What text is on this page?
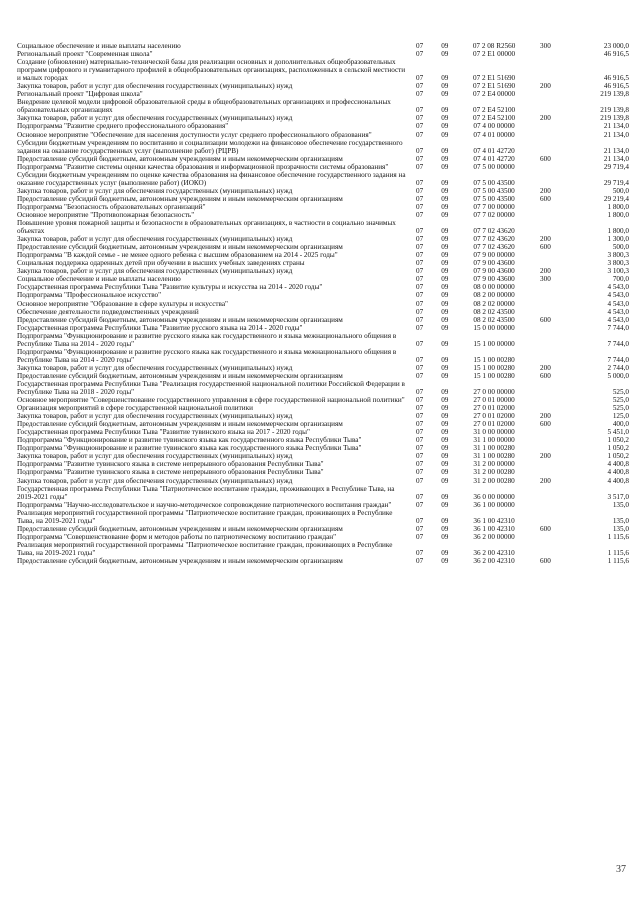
Социальное обеспечение и иные выплаты населению	07	09	07 2 08 R2560	300	23 000,0
Региональный проект "Современная школа"	07	09	07 2 E1 00000		46 916,5
Создание (обновление) материально-технической базы для реализации основных и дополнительных общеобразовательных программ цифрового и гуманитарного профилей в общеобразовательных организациях, расположенных в сельской местности и малых городах	07	09	07 2 E1 51690		46 916,5
Закупка товаров, работ и услуг для обеспечения государственных (муниципальных) нужд	07	09	07 2 E1 51690	200	46 916,5
Региональный проект "Цифровая школа"	07	09	07 2 E4 00000		219 139,8
Внедрение целевой модели цифровой образовательной среды в общеобразовательных организациях и профессиональных образовательных организациях	07	09	07 2 E4 52100		219 139,8
Закупка товаров, работ и услуг для обеспечения государственных (муниципальных) нужд	07	09	07 2 E4 52100	200	219 139,8
Подпрограмма "Развитие среднего профессионального образования"	07	09	07 4 00 00000		21 134,0
Основное мероприятие "Обеспечение для населения доступности услуг среднего профессионального образования"	07	09	07 4 01 00000		21 134,0
Субсидии бюджетным учреждениям по воспитанию и социализации молодежи на финансовое обеспечение государственного задания на оказание государственных услуг (выполнение работ) (РЦРВ)	07	09	07 4 01 42720		21 134,0
Предоставление субсидий бюджетным, автономным учреждениям и иным некоммерческим организациям	07	09	07 4 01 42720	600	21 134,0
Подпрограмма "Развитие системы оценки качества образования и информационной прозрачности системы образования"	07	09	07 5 00 00000		29 719,4
Субсидии бюджетным учреждениям по оценке качества образования на финансовое обеспечение государственного задания на оказание государственных услуг (выполнение работ) (ИОКО)	07	09	07 5 00 43500		29 719,4
Закупка товаров, работ и услуг для обеспечения государственных (муниципальных) нужд	07	09	07 5 00 43500	200	500,0
Предоставление субсидий бюджетным, автономным учреждениям и иным некоммерческим организациям	07	09	07 5 00 43500	600	29 219,4
Подпрограмма "Безопасность образовательных организаций"	07	09	07 7 00 00000		1 800,0
Основное мероприятие "Противопожарная безопасность"	07	09	07 7 02 00000		1 800,0
Повышение уровня пожарной защиты и безопасности в образовательных организациях, в частности в социально значимых объектах	07	09	07 7 02 43620		1 800,0
Закупка товаров, работ и услуг для обеспечения государственных (муниципальных) нужд	07	09	07 7 02 43620	200	1 300,0
Предоставление субсидий бюджетным, автономным учреждениям и иным некоммерческим организациям	07	09	07 7 02 43620	600	500,0
Подпрограмма "В каждой семье - не менее одного ребенка с высшим образованием на 2014 - 2025 годы"	07	09	07 9 00 00000		3 800,3
Социальная поддержка одаренных детей при обучении в высших учебных заведениях страны	07	09	07 9 00 43600		3 800,3
Закупка товаров, работ и услуг для обеспечения государственных (муниципальных) нужд	07	09	07 9 00 43600	200	3 100,3
Социальное обеспечение и иные выплаты населению	07	09	07 9 00 43600	300	700,0
Государственная программа Республики Тыва "Развитие культуры и искусства на 2014 - 2020 годы"	07	09	08 0 00 00000		4 543,0
Подпрограмма "Профессиональное искусство"	07	09	08 2 00 00000		4 543,0
Основное мероприятие "Образование в сфере культуры и искусства"	07	09	08 2 02 00000		4 543,0
Обеспечение деятельности подведомственных учреждений	07	09	08 2 02 43500		4 543,0
Предоставление субсидий бюджетным, автономным учреждениям и иным некоммерческим организациям	07	09	08 2 02 43500	600	4 543,0
Государственная программа Республики Тыва "Развитие русского языка на 2014 - 2020 годы"	07	09	15 0 00 00000		7 744,0
Подпрограмма "Функционирование и развитие русского языка как государственного и языка межнационального общения в Республике Тыва на 2014 - 2020 годы"	07	09	15 1 00 00000		7 744,0
Подпрограмма "Функционирование и развитие русского языка как государственного и языка межнационального общения в Республике Тыва на 2014 - 2020 годы"	07	09	15 1 00 00280		7 744,0
Закупка товаров, работ и услуг для обеспечения государственных (муниципальных) нужд	07	09	15 1 00 00280	200	2 744,0
Предоставление субсидий бюджетным, автономным учреждениям и иным некоммерческим организациям	07	09	15 1 00 00280	600	5 000,0
Государственная программа Республики Тыва "Реализация государственной национальной политики Российской Федерации в Республике Тыва на 2018 - 2020 годы"	07	09	27 0 00 00000		525,0
Основное мероприятие "Совершенствование государственного управления в сфере государственной национальной политики"	07	09	27 0 01 00000		525,0
Организация мероприятий в сфере государственной национальной политики	07	09	27 0 01 02000		525,0
Закупка товаров, работ и услуг для обеспечения государственных (муниципальных) нужд	07	09	27 0 01 02000	200	125,0
Предоставление субсидий бюджетным, автономным учреждениям и иным некоммерческим организациям	07	09	27 0 01 02000	600	400,0
Государственная программа Республики Тыва "Развитие тувинского языка на 2017 - 2020 годы"	07	09	31 0 00 00000		5 451,0
Подпрограмма "Функционирование и развитие тувинского языка как государственного языка Республики Тыва"	07	09	31 1 00 00000		1 050,2
Подпрограмма "Функционирование и развитие тувинского языка как государственного языка Республики Тыва"	07	09	31 1 00 00280		1 050,2
Закупка товаров, работ и услуг для обеспечения государственных (муниципальных) нужд	07	09	31 1 00 00280	200	1 050,2
Подпрограмма "Развитие тувинского языка в системе непрерывного образования Республики Тыва"	07	09	31 2 00 00000		4 400,8
Подпрограмма "Развитие тувинского языка в системе непрерывного образования Республики Тыва"	07	09	31 2 00 00280		4 400,8
Закупка товаров, работ и услуг для обеспечения государственных (муниципальных) нужд	07	09	31 2 00 00280	200	4 400,8
Государственная программа Республики Тыва "Патриотическое воспитание граждан, проживающих в Республике Тыва, на 2019-2021 годы"	07	09	36 0 00 00000		3 517,0
Подпрограмма "Научно-исследовательское и научно-методическое сопровождение патриотического воспитания граждан"	07	09	36 1 00 00000		135,0
Реализация мероприятий государственной программы "Патриотическое воспитание граждан, проживающих в Республике Тыва, на 2019-2021 годы"	07	09	36 1 00 42310		135,0
Предоставление субсидий бюджетным, автономным учреждениям и иным некоммерческим организациям	07	09	36 1 00 42310	600	135,0
Подпрограмма "Совершенствование форм и методов работы по патриотическому воспитанию граждан"	07	09	36 2 00 00000		1 115,6
Реализация мероприятий государственной программы "Патриотическое воспитание граждан, проживающих в Республике Тыва, на 2019-2021 годы"	07	09	36 2 00 42310		1 115,6
Предоставление субсидий бюджетным, автономным учреждениям и иным некоммерческим организациям	07	09	36 2 00 42310	600	1 115,6
37
